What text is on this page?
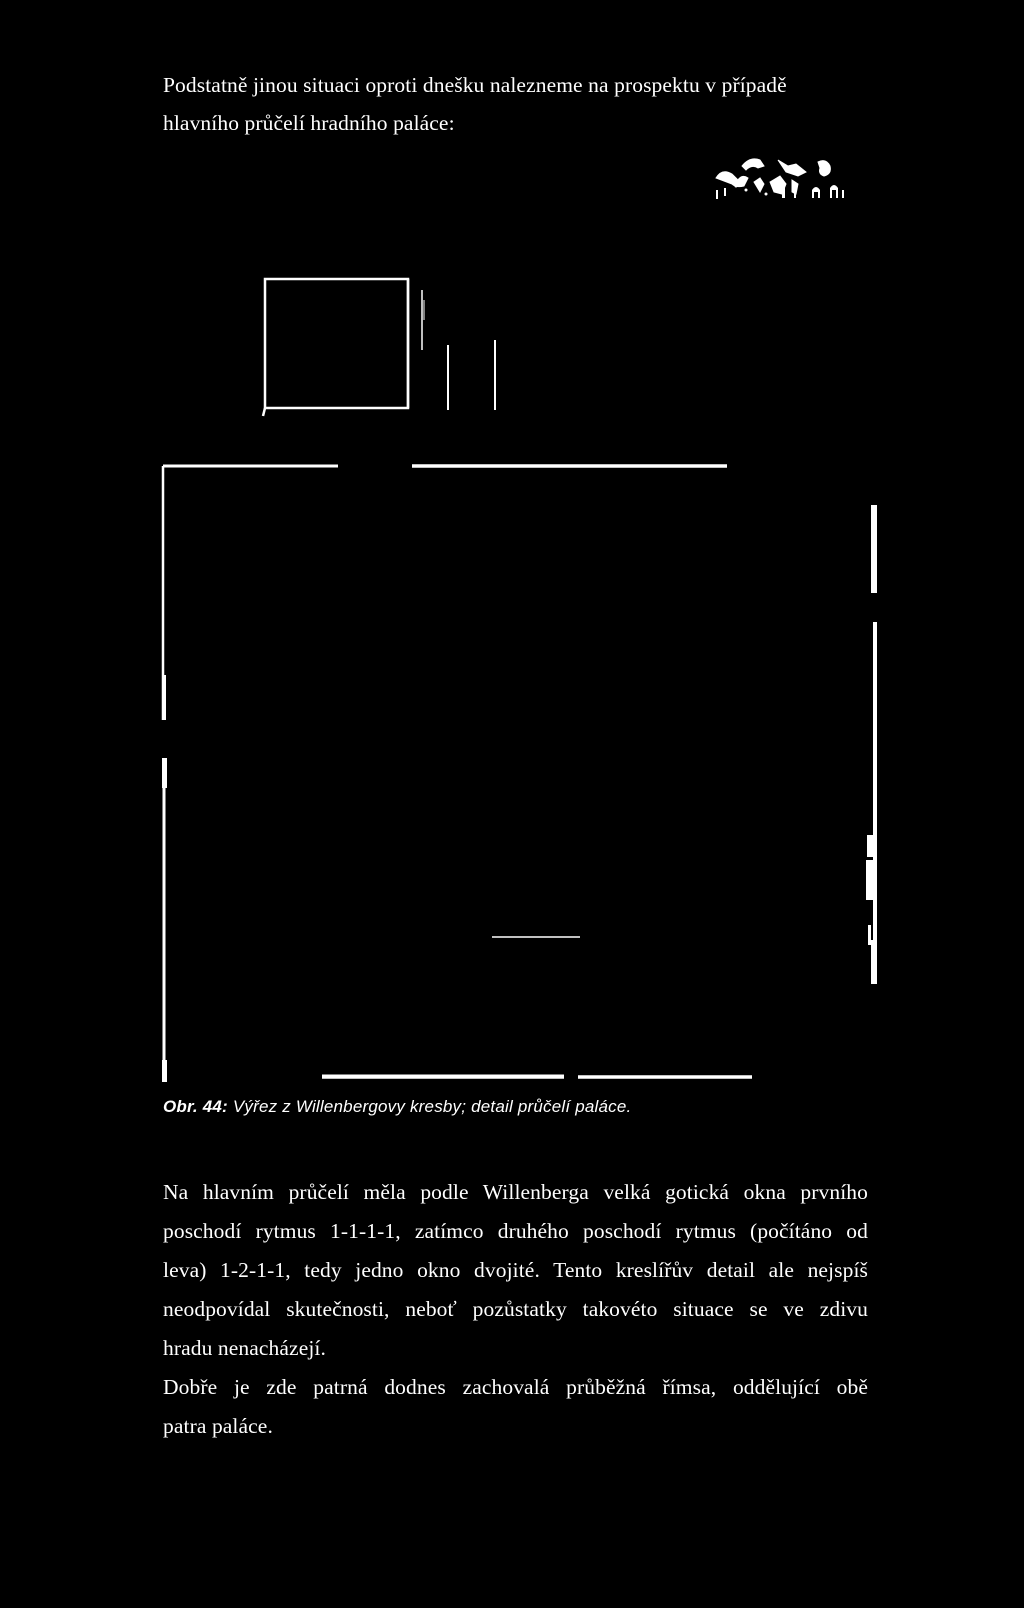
Podstatně jinou situaci oproti dnešku nalezneme na prospektu v případě hlavního průčelí hradního paláce:

Obr. 44: Výřez z Willenbergovy kresby; detail průčelí paláce.
Na hlavním průčelí měla podle Willenberga velká gotická okna prvního
poschodí rytmus 1-1-1-1, zatímco druhého poschodí rytmus (počítáno od
leva) 1-2-1-1, tedy jedno okno dvojité. Tento kreslířův detail ale nejspíš
neodpovídal skutečnosti, neboť pozůstatky takovéto situace se ve zdivu
hradu nenacházejí.
Dobře je zde patrná dodnes zachovalá průběžná římsa, oddělující obě
patra paláce.
